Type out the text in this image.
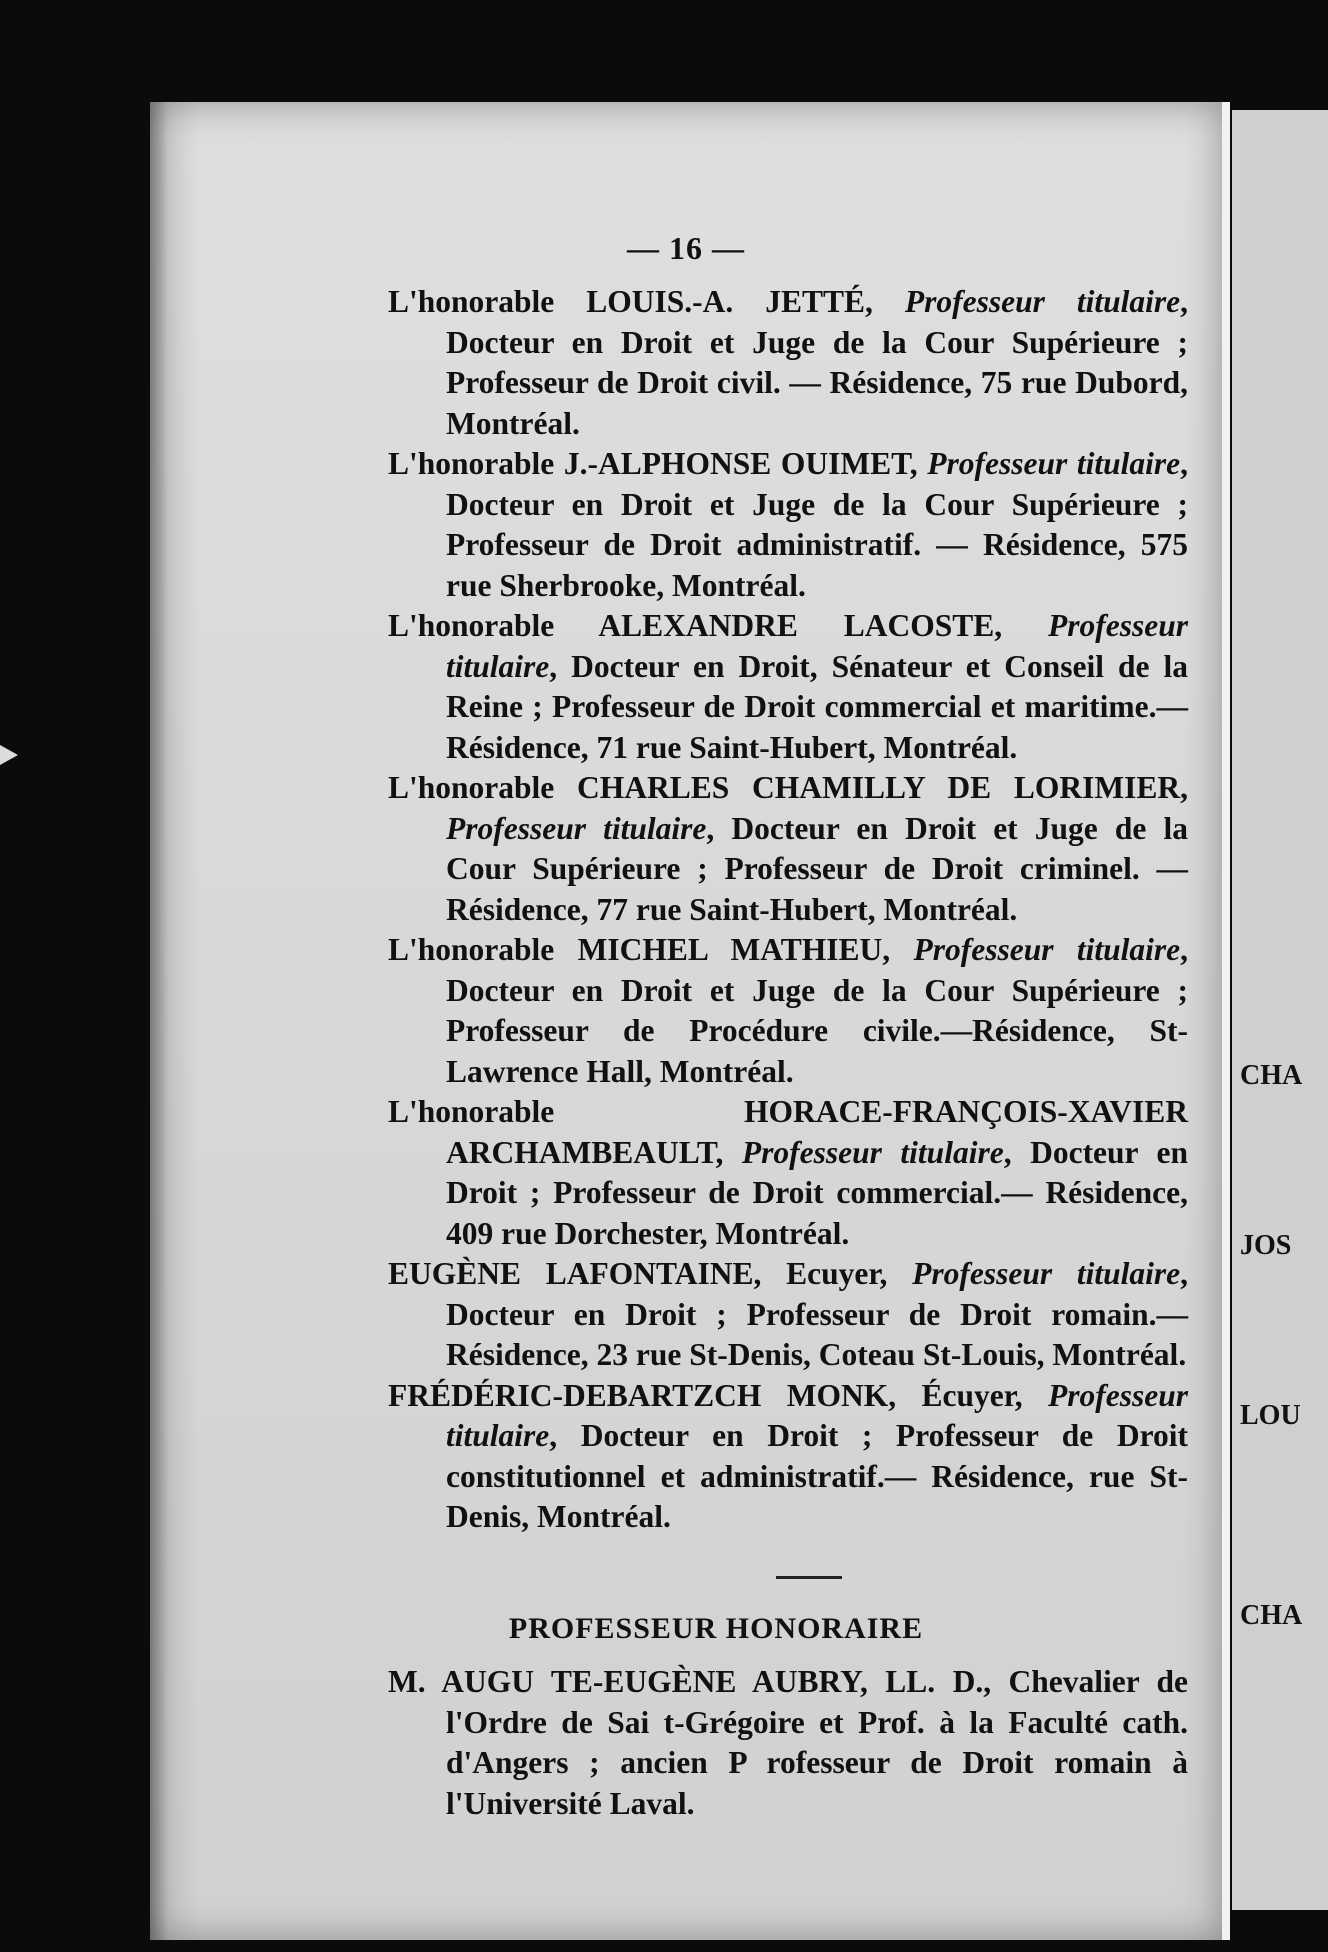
— 16 —

L'honorable LOUIS.-A. JETTÉ, Professeur titulaire, Docteur en Droit et Juge de la Cour Supérieure ; Professeur de Droit civil. — Résidence, 75 rue Dubord, Montréal.

L'honorable J.-ALPHONSE OUIMET, Professeur titulaire, Docteur en Droit et Juge de la Cour Supérieure ; Professeur de Droit administratif. — Résidence, 575 rue Sherbrooke, Montréal.

L'honorable ALEXANDRE LACOSTE, Professeur titulaire, Docteur en Droit, Sénateur et Conseil de la Reine ; Professeur de Droit commercial et maritime.— Résidence, 71 rue Saint-Hubert, Montréal.

L'honorable CHARLES CHAMILLY DE LORIMIER, Professeur titulaire, Docteur en Droit et Juge de la Cour Supérieure ; Professeur de Droit criminel. — Résidence, 77 rue Saint-Hubert, Montréal.

L'honorable MICHEL MATHIEU, Professeur titulaire, Docteur en Droit et Juge de la Cour Supérieure ; Professeur de Procédure civile.—Résidence, St-Lawrence Hall, Montréal.

L'honorable HORACE-FRANÇOIS-XAVIER ARCHAMBEAULT, Professeur titulaire, Docteur en Droit ; Professeur de Droit commercial.— Résidence, 409 rue Dorchester, Montréal.

EUGÈNE LAFONTAINE, Ecuyer, Professeur titulaire, Docteur en Droit ; Professeur de Droit romain.— Résidence, 23 rue St-Denis, Coteau St-Louis, Montréal.

FRÉDÉRIC-DEBARTZCH MONK, Écuyer, Professeur titulaire, Docteur en Droit ; Professeur de Droit constitutionnel et administratif.— Résidence, rue St-Denis, Montréal.

PROFESSEUR HONORAIRE

M. AUGU TE-EUGÈNE AUBRY, LL. D., Chevalier de l'Ordre de Sai t-Grégoire et Prof. à la Faculté cath. d'Angers ; ancien P rofesseur de Droit romain à l'Université Laval.

CHA
JOS
LOU
CHA
